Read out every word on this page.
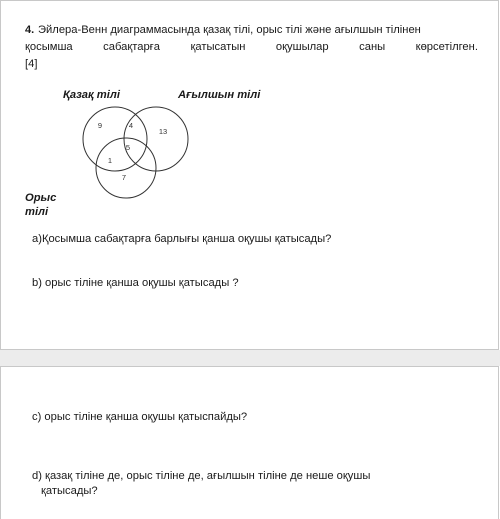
4. Эйлера-Венн диаграммасында қазақ тілі, орыс тілі және ағылшын тілінен
қосымша	сабақтарға	қатысатын	оқушылар	саны	көрсетілген.
[4]
Қазақ тілі	Ағылшын тілі
Орыс тілі
9	4
13
5
1
7
а)Қосымша сабақтарға барлығы қанша оқушы қатысады?
b) орыс тіліне қанша оқушы қатысады ?
c) орыс тіліне қанша оқушы қатыспайды?
d) қазақ тіліне де, орыс тіліне де, ағылшын тіліне де неше оқушы
қатысады?
